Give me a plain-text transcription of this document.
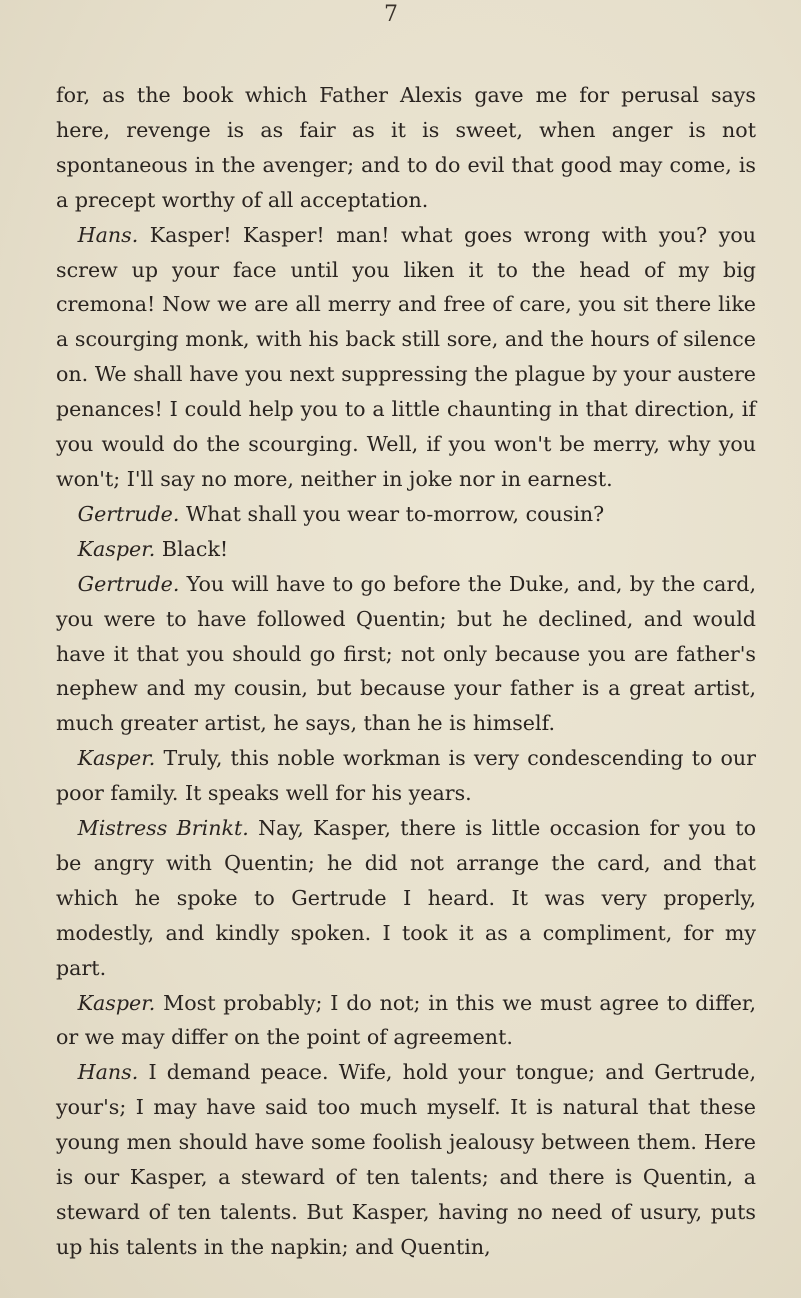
7

for, as the book which Father Alexis gave me for perusal says here, revenge is as fair as it is sweet, when anger is not spontaneous in the avenger; and to do evil that good may come, is a precept worthy of all acceptation.

Hans. Kasper! Kasper! man! what goes wrong with you? you screw up your face until you liken it to the head of my big cremona! Now we are all merry and free of care, you sit there like a scourging monk, with his back still sore, and the hours of silence on. We shall have you next suppressing the plague by your austere penances! I could help you to a little chaunting in that direction, if you would do the scourging. Well, if you won't be merry, why you won't; I'll say no more, neither in joke nor in earnest.

Gertrude. What shall you wear to-morrow, cousin?

Kasper. Black!

Gertrude. You will have to go before the Duke, and, by the card, you were to have followed Quentin; but he declined, and would have it that you should go first; not only because you are father's nephew and my cousin, but because your father is a great artist, much greater artist, he says, than he is himself.

Kasper. Truly, this noble workman is very condescending to our poor family. It speaks well for his years.

Mistress Brinkt. Nay, Kasper, there is little occasion for you to be angry with Quentin; he did not arrange the card, and that which he spoke to Gertrude I heard. It was very properly, modestly, and kindly spoken. I took it as a compliment, for my part.

Kasper. Most probably; I do not; in this we must agree to differ, or we may differ on the point of agreement.

Hans. I demand peace. Wife, hold your tongue; and Gertrude, your's; I may have said too much myself. It is natural that these young men should have some foolish jealousy between them. Here is our Kasper, a steward of ten talents; and there is Quentin, a steward of ten talents. But Kasper, having no need of usury, puts up his talents in the napkin; and Quentin,
